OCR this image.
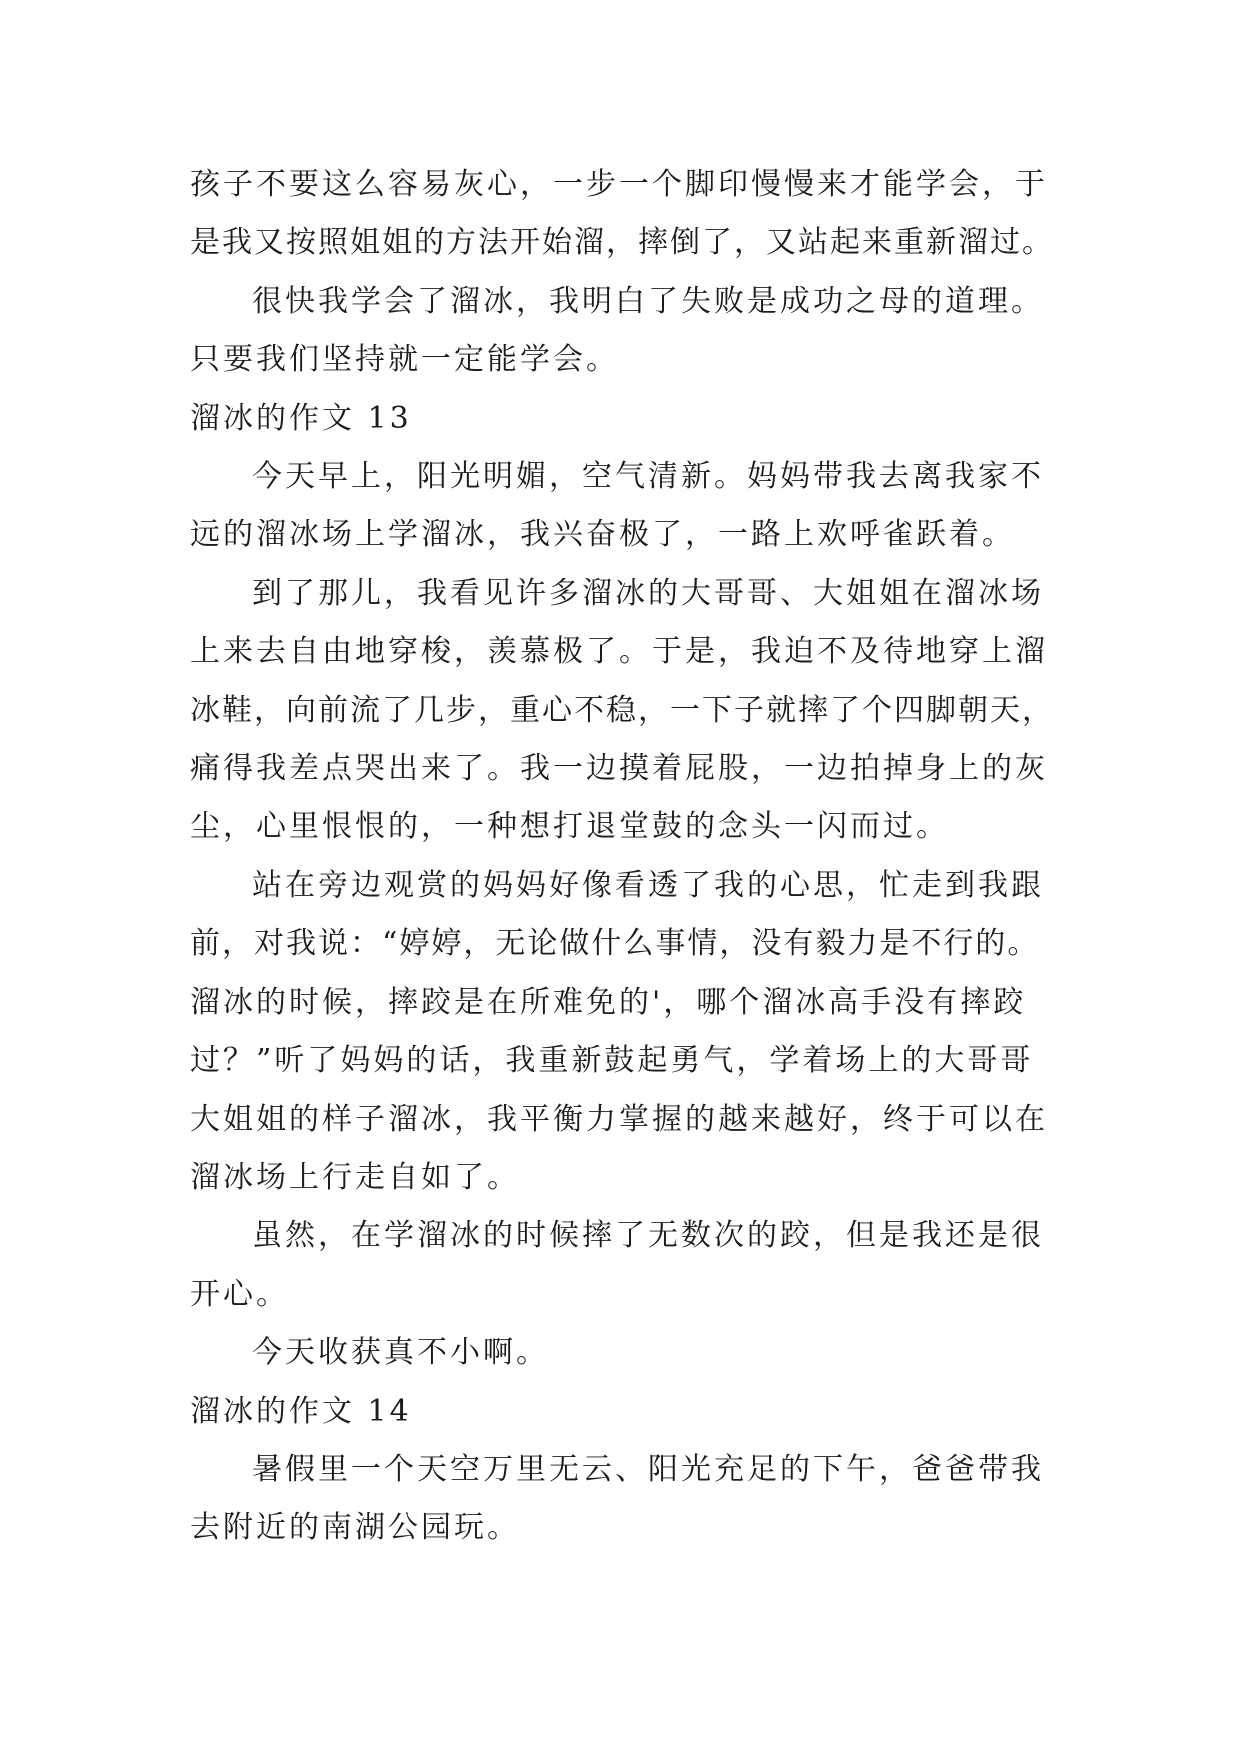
孩子不要这么容易灰心，一步一个脚印慢慢来才能学会，于

是我又按照姐姐的方法开始溜，摔倒了，又站起来重新溜过。

很快我学会了溜冰，我明白了失败是成功之母的道理。

只要我们坚持就一定能学会。

溜冰的作文 13

今天早上，阳光明媚，空气清新。妈妈带我去离我家不

远的溜冰场上学溜冰，我兴奋极了，一路上欢呼雀跃着。

到了那儿，我看见许多溜冰的大哥哥、大姐姐在溜冰场

上来去自由地穿梭，羡慕极了。于是，我迫不及待地穿上溜

冰鞋，向前流了几步，重心不稳，一下子就摔了个四脚朝天，

痛得我差点哭出来了。我一边摸着屁股，一边拍掉身上的灰

尘，心里恨恨的，一种想打退堂鼓的念头一闪而过。

站在旁边观赏的妈妈好像看透了我的心思，忙走到我跟

前，对我说：“婷婷，无论做什么事情，没有毅力是不行的。

溜冰的时候，摔跤是在所难免的'，哪个溜冰高手没有摔跤

过？”听了妈妈的话，我重新鼓起勇气，学着场上的大哥哥

大姐姐的样子溜冰，我平衡力掌握的越来越好，终于可以在

溜冰场上行走自如了。

虽然，在学溜冰的时候摔了无数次的跤，但是我还是很

开心。

今天收获真不小啊。

溜冰的作文 14

暑假里一个天空万里无云、阳光充足的下午，爸爸带我

去附近的南湖公园玩。
